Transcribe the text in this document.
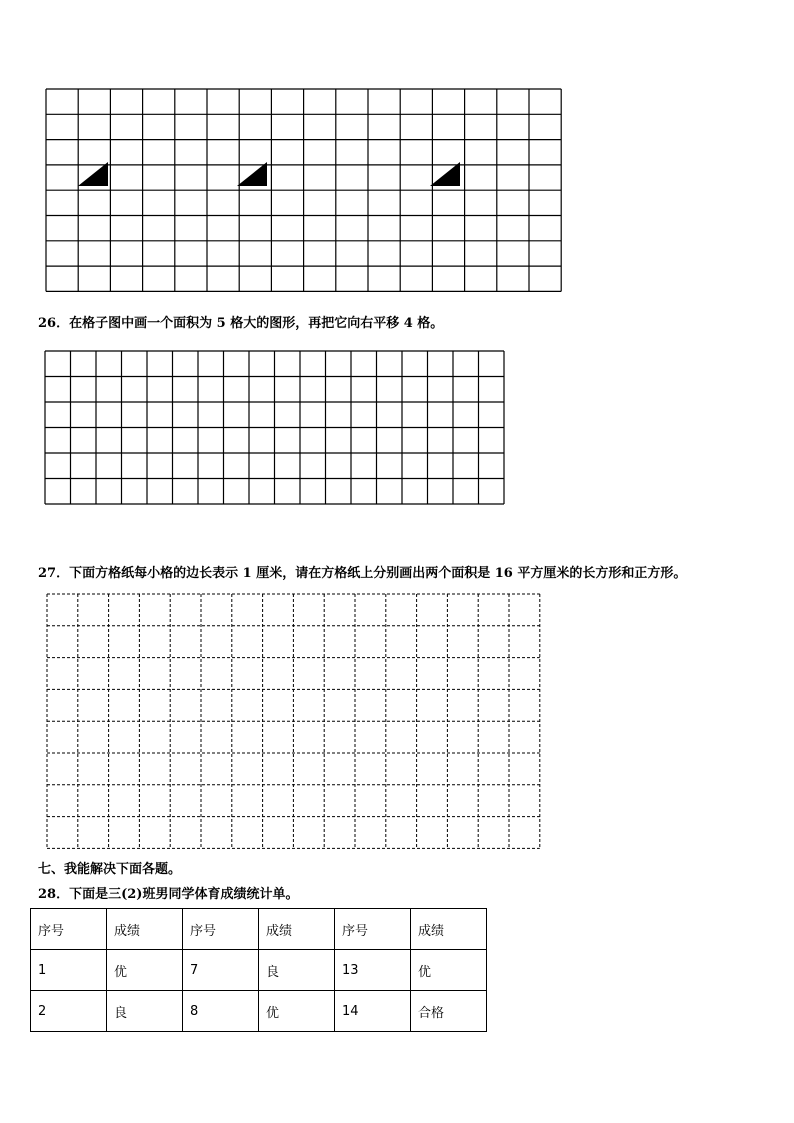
26．在格子图中画一个面积为 5 格大的图形，再把它向右平移 4 格。
27．下面方格纸每小格的边长表示 1 厘米，请在方格纸上分别画出两个面积是 16 平方厘米的长方形和正方形。
七、我能解决下面各题。
28．下面是三(2)班男同学体育成绩统计单。
序号	成绩	序号	成绩	序号	成绩
1	优	7	良	13	优
2	良	8	优	14	合格
